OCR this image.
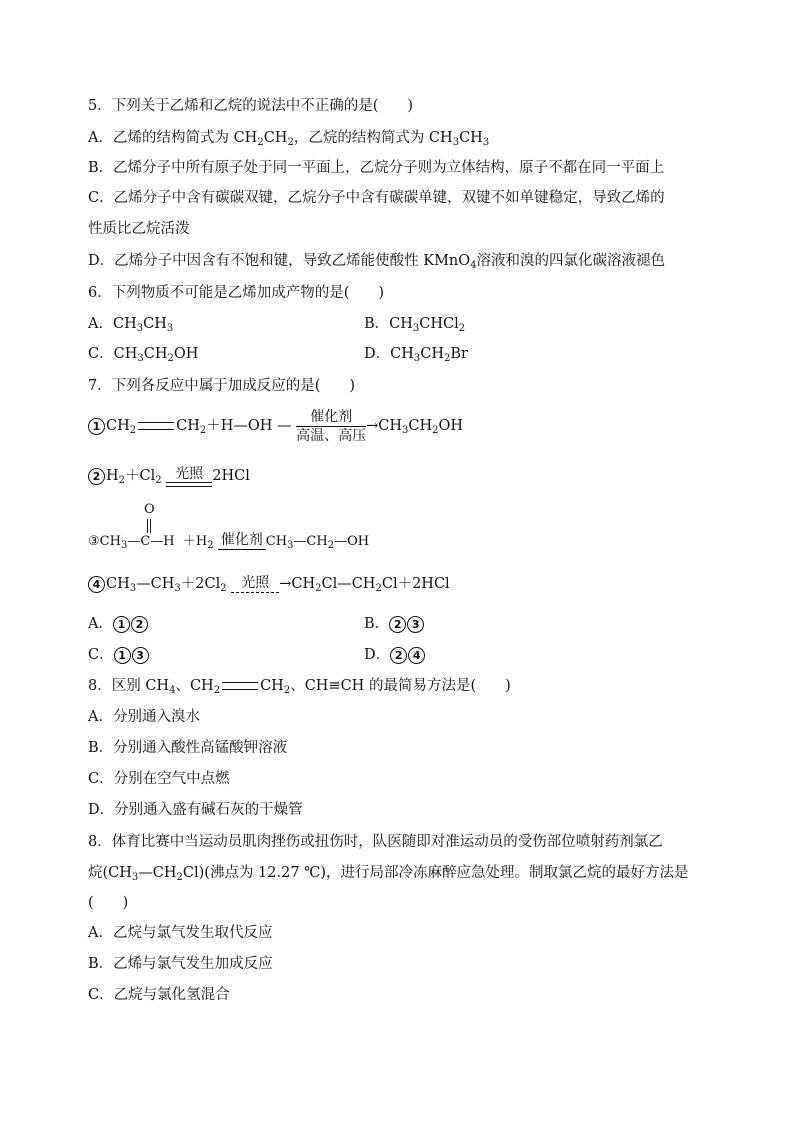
5．下列关于乙烯和乙烷的说法中不正确的是(　　)
A．乙烯的结构简式为 $CH_2CH_2$，乙烷的结构简式为 $CH_3CH_3$
B．乙烯分子中所有原子处于同一平面上，乙烷分子则为立体结构，原子不都在同一平面上
C．乙烯分子中含有碳碳双键，乙烷分子中含有碳碳单键，双键不如单键稳定，导致乙烯的
性质比乙烷活泼
D．乙烯分子中因含有不饱和键，导致乙烯能使酸性 KMnO$_4$溶液和溴的四氯化碳溶液褪色
6．下列物质不可能是乙烯加成产物的是(　　)
A．$CH_3CH_3$	B．$CH_3CHCl_2$
C．$CH_3CH_2OH$	D．$CH_3CH_2Br$
7．下列各反应中属于加成反应的是(　　)
1 $CH_2$	$CH_2+H—OH$ —
催化剂
高温、高压
$\to CH_3CH_2OH$
2 $H_2+Cl_2$ 光照 2HCl
O
$③CH_3—C—H +H_2$ 催化剂 $CH_3—CH_2—OH$
4 $CH_3—CH_3+2Cl_2$	光照 $\to CH_2Cl—CH_2Cl+2HCl$
A． 1 2	B． 2 3
C． 1 3	D． 2 4
8．区别 $CH_4$、$CH_2$	$CH_2$、CH≡CH 的最简易方法是(　　)
A．分别通入溴水
B．分别通入酸性高锰酸钾溶液
C．分别在空气中点燃
D．分别通入盛有碱石灰的干燥管
8．体育比赛中当运动员肌肉挫伤或扭伤时，队医随即对准运动员的受伤部位喷射药剂氯乙
烷$(CH_3—CH_2Cl)$(沸点为 12.27 ℃)，进行局部冷冻麻醉应急处理。制取氯乙烷的最好方法是
(　　)
A．乙烷与氯气发生取代反应
B．乙烯与氯气发生加成反应
C．乙烷与氯化氢混合
